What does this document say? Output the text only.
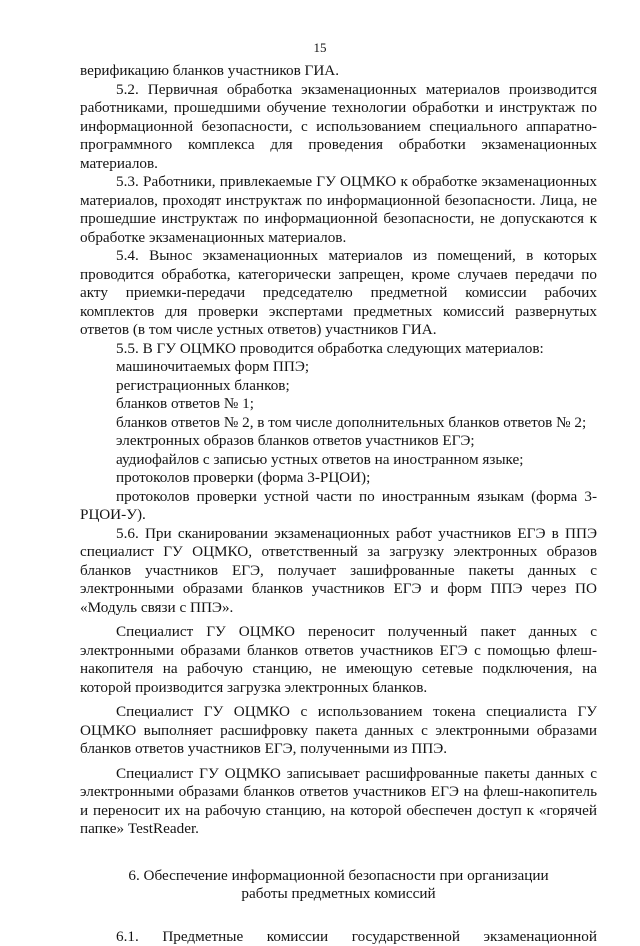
15

верификацию бланков участников ГИА.

5.2. Первичная обработка экзаменационных материалов производится работниками, прошедшими обучение технологии обработки и инструктаж по информационной безопасности, с использованием специального аппаратно-программного комплекса для проведения обработки экзаменационных материалов.

5.3. Работники, привлекаемые ГУ ОЦМКО к обработке экзаменационных материалов, проходят инструктаж по информационной безопасности. Лица, не прошедшие инструктаж по информационной безопасности, не допускаются к обработке экзаменационных материалов.

5.4. Вынос экзаменационных материалов из помещений, в которых проводится обработка, категорически запрещен, кроме случаев передачи по акту приемки-передачи председателю предметной комиссии рабочих комплектов для проверки экспертами предметных комиссий развернутых ответов (в том числе устных ответов) участников ГИА.

5.5. В ГУ ОЦМКО проводится обработка следующих материалов:

машиночитаемых форм ППЭ;

регистрационных бланков;

бланков ответов № 1;

бланков ответов № 2, в том числе дополнительных бланков ответов № 2;

электронных образов бланков ответов участников ЕГЭ;

аудиофайлов с записью устных ответов на иностранном языке;

протоколов проверки (форма 3-РЦОИ);

протоколов проверки устной части по иностранным языкам (форма 3-РЦОИ-У).

5.6. При сканировании экзаменационных работ участников ЕГЭ в ППЭ специалист ГУ ОЦМКО, ответственный за загрузку электронных образов бланков участников ЕГЭ, получает зашифрованные пакеты данных с электронными образами бланков участников ЕГЭ и форм ППЭ через ПО «Модуль связи с ППЭ».

Специалист ГУ ОЦМКО переносит полученный пакет данных с электронными образами бланков ответов участников ЕГЭ с помощью флеш-накопителя на рабочую станцию, не имеющую сетевые подключения, на которой производится загрузка электронных бланков.

Специалист ГУ ОЦМКО с использованием токена специалиста ГУ ОЦМКО выполняет расшифровку пакета данных с электронными образами бланков ответов участников ЕГЭ, полученными из ППЭ.

Специалист ГУ ОЦМКО записывает расшифрованные пакеты данных с электронными образами бланков ответов участников ЕГЭ на флеш-накопитель и переносит их на рабочую станцию, на которой обеспечен доступ к «горячей папке» TestReader.

6. Обеспечение информационной безопасности при организации
работы предметных комиссий
6.1. Предметные комиссии государственной экзаменационной
